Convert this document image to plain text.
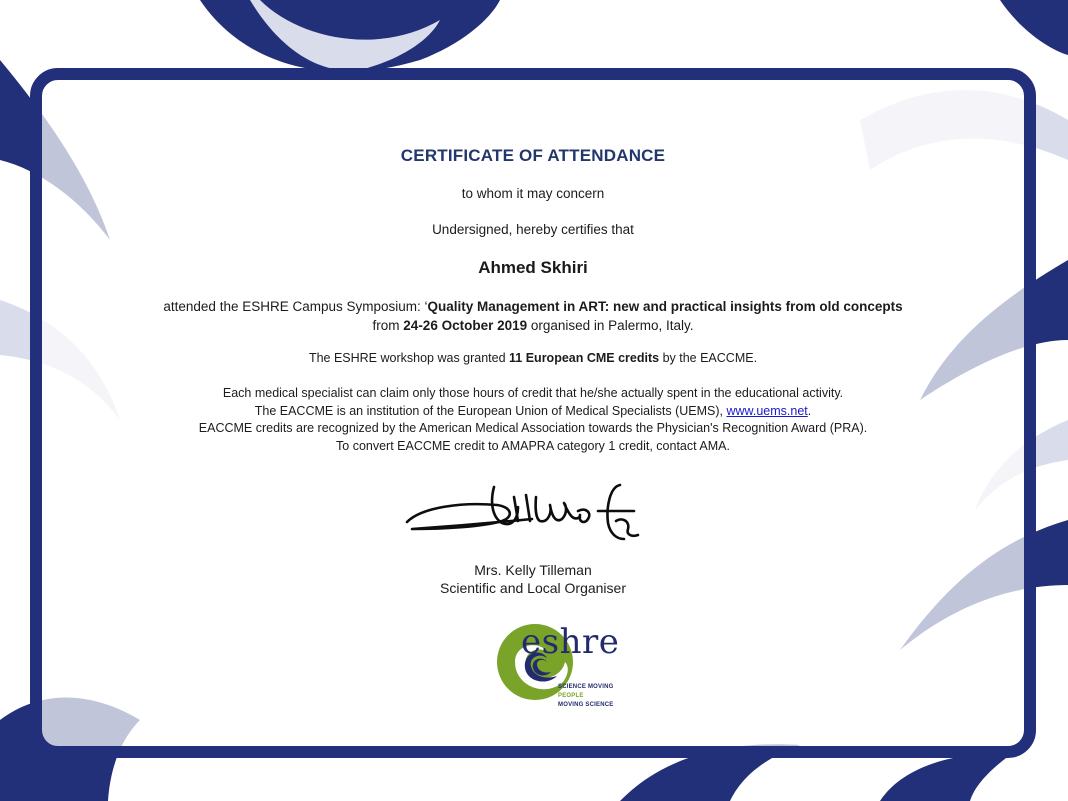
CERTIFICATE OF ATTENDANCE
to whom it may concern
Undersigned, hereby certifies that
Ahmed Skhiri
attended the ESHRE Campus Symposium: ‘Quality Management in ART: new and practical insights from old concepts
from 24-26 October 2019 organised in Palermo, Italy.
The ESHRE workshop was granted 11 European CME credits by the EACCME.
Each medical specialist can claim only those hours of credit that he/she actually spent in the educational activity.
The EACCME is an institution of the European Union of Medical Specialists (UEMS), www.uems.net.
EACCME credits are recognized by the American Medical Association towards the Physician's Recognition Award (PRA).
To convert EACCME credit to AMAPRA category 1 credit, contact AMA.
Mrs. Kelly Tilleman
Scientific and Local Organiser
eshre
SCIENCE MOVING
PEOPLE
MOVING SCIENCE
